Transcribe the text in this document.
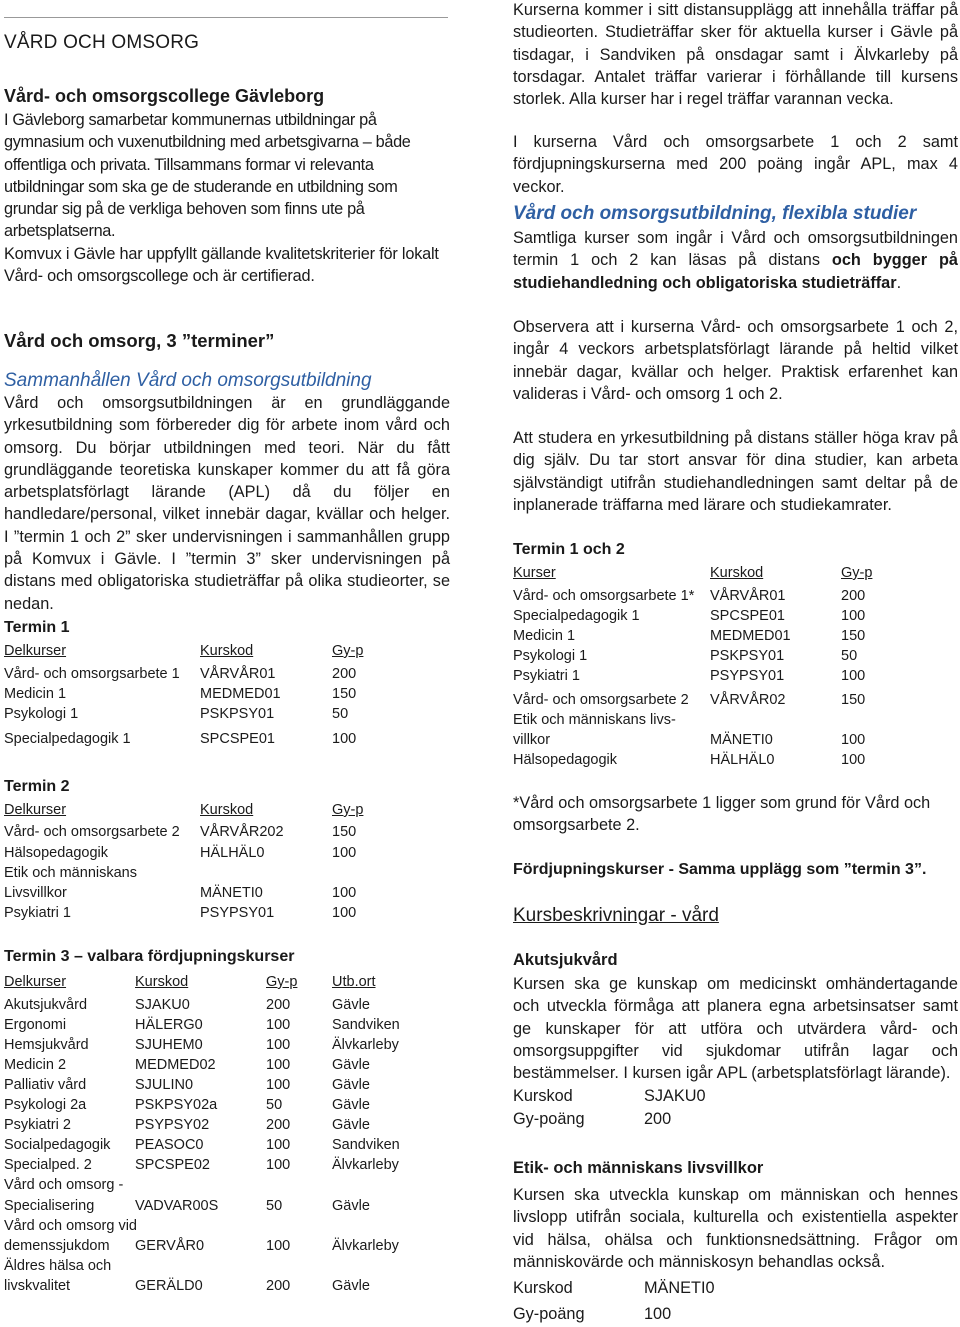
VÅRD OCH OMSORG
Vård- och omsorgscollege Gävleborg

I Gävleborg samarbetar kommunernas utbildningar på gymnasium och vuxenutbildning med arbetsgivarna – både offentliga och privata. Tillsammans formar vi relevanta utbildningar som ska ge de studerande en utbildning som grundar sig på de verkliga behoven som finns ute på arbetsplatserna.

Komvux i Gävle har uppfyllt gällande kvalitetskriterier för lokalt Vård- och omsorgscollege och är certifierad.

Vård och omsorg, 3 ”terminer”
Sammanhållen Vård och omsorgsutbildning

Vård och omsorgsutbildningen är en grundläggande yrkesutbildning som förbereder dig för arbete inom vård och omsorg. Du börjar utbildningen med teori. När du fått grundläggande teoretiska kunskaper kommer du att få göra arbetsplatsförlagt lärande (APL) då du följer en handledare/personal, vilket innebär dagar, kvällar och helger. I ”termin 1 och 2” sker undervisningen i sammanhållen grupp på Komvux i Gävle. I ”termin 3” sker undervisningen på distans med obligatoriska studieträffar på olika studieorter, se nedan.

Termin 1
Delkurser	Kurskod	Gy-p
Vård- och omsorgsarbete 1 VÅRVÅR01	200
Medicin 1	MEDMED01	150
Psykologi 1	PSKPSY01	50
Specialpedagogik 1	SPCSPE01	100
Termin 2
Delkurser	Kurskod	Gy-p
Vård- och omsorgsarbete 2 VÅRVÅR202	150
Hälsopedagogik	HÄLHÄL0	100
Etik och människans
Livsvillkor	MÄNETI0	100
Psykiatri 1	PSYPSY01	100
Termin 3 – valbara fördjupningskurser
Delkurser	Kurskod	Gy-p Utb.ort
Akutsjukvård	SJAKU0	200	Gävle
Ergonomi	HÄLERG0	100	Sandviken
Hemsjukvård	SJUHEM0	100	Älvkarleby
Medicin 2	MEDMED02	100	Gävle
Palliativ vård	SJULIN0	100	Gävle
Psykologi 2a	PSKPSY02a	50	Gävle
Psykiatri 2	PSYPSY02	200	Gävle
Socialpedagogik PEASOC0	100	Sandviken
Specialped. 2	SPCSPE02	100	Älvkarleby
Vård och omsorg -
Specialisering	VADVAR00S	50	Gävle
Vård och omsorg vid
demenssjukdom GERVÅR0	100	Älvkarleby
Äldres hälsa och
livskvalitet	GERÄLD0	200	Gävle

Kurserna kommer i sitt distansupplägg att innehålla träffar på studieorten. Studieträffar sker för aktuella kurser i Gävle på tisdagar, i Sandviken på onsdagar samt i Älvkarleby på torsdagar. Antalet träffar varierar i förhållande till kursens storlek. Alla kurser har i regel träffar varannan vecka.

I kurserna Vård och omsorgsarbete 1 och 2 samt fördjupningskurserna med 200 poäng ingår APL, max 4 veckor.

Vård och omsorgsutbildning, flexibla studier

Samtliga kurser som ingår i Vård och omsorgsutbildningen termin 1 och 2 kan läsas på distans och bygger på studiehandledning och obligatoriska studieträffar.

Observera att i kurserna Vård- och omsorgsarbete 1 och 2, ingår 4 veckors arbetsplatsförlagt lärande på heltid vilket innebär dagar, kvällar och helger. Praktisk erfarenhet kan valideras i Vård- och omsorg 1 och 2.

Att studera en yrkesutbildning på distans ställer höga krav på dig själv. Du tar stort ansvar för dina studier, kan arbeta självständigt utifrån studiehandledningen samt deltar på de inplanerade träffarna med lärare och studiekamrater.

Termin 1 och 2
Kurser	Kurskod	Gy-p
Vård- och omsorgsarbete 1* VÅRVÅR01	200
Specialpedagogik 1	SPCSPE01	100
Medicin 1	MEDMED01	150
Psykologi 1	PSKPSY01	50
Psykiatri 1	PSYPSY01	100
Vård- och omsorgsarbete 2 VÅRVÅR02	150
Etik och människans livs-
villkor	MÄNETI0	100
Hälsopedagogik	HÄLHÄL0	100

*Vård och omsorgsarbete 1 ligger som grund för Vård och omsorgsarbete 2.

Fördjupningskurser - Samma upplägg som ”termin 3”.
Kursbeskrivningar - vård
Akutsjukvård

Kursen ska ge kunskap om medicinskt omhändertagande och utveckla förmåga att planera egna arbetsinsatser samt ge kunskaper för att utföra och utvärdera vård- och omsorgsuppgifter vid sjukdomar utifrån lagar och bestämmelser. I kursen igår APL (arbetsplatsförlagt lärande).

Kurskod	SJAKU0
Gy-poäng	200
Etik- och människans livsvillkor

Kursen ska utveckla kunskap om människan och hennes livslopp utifrån sociala, kulturella och existentiella aspekter vid hälsa, ohälsa och funktionsnedsättning. Frågor om människovärde och människosyn behandlas också.

Kurskod	MÄNETI0
Gy-poäng	100
